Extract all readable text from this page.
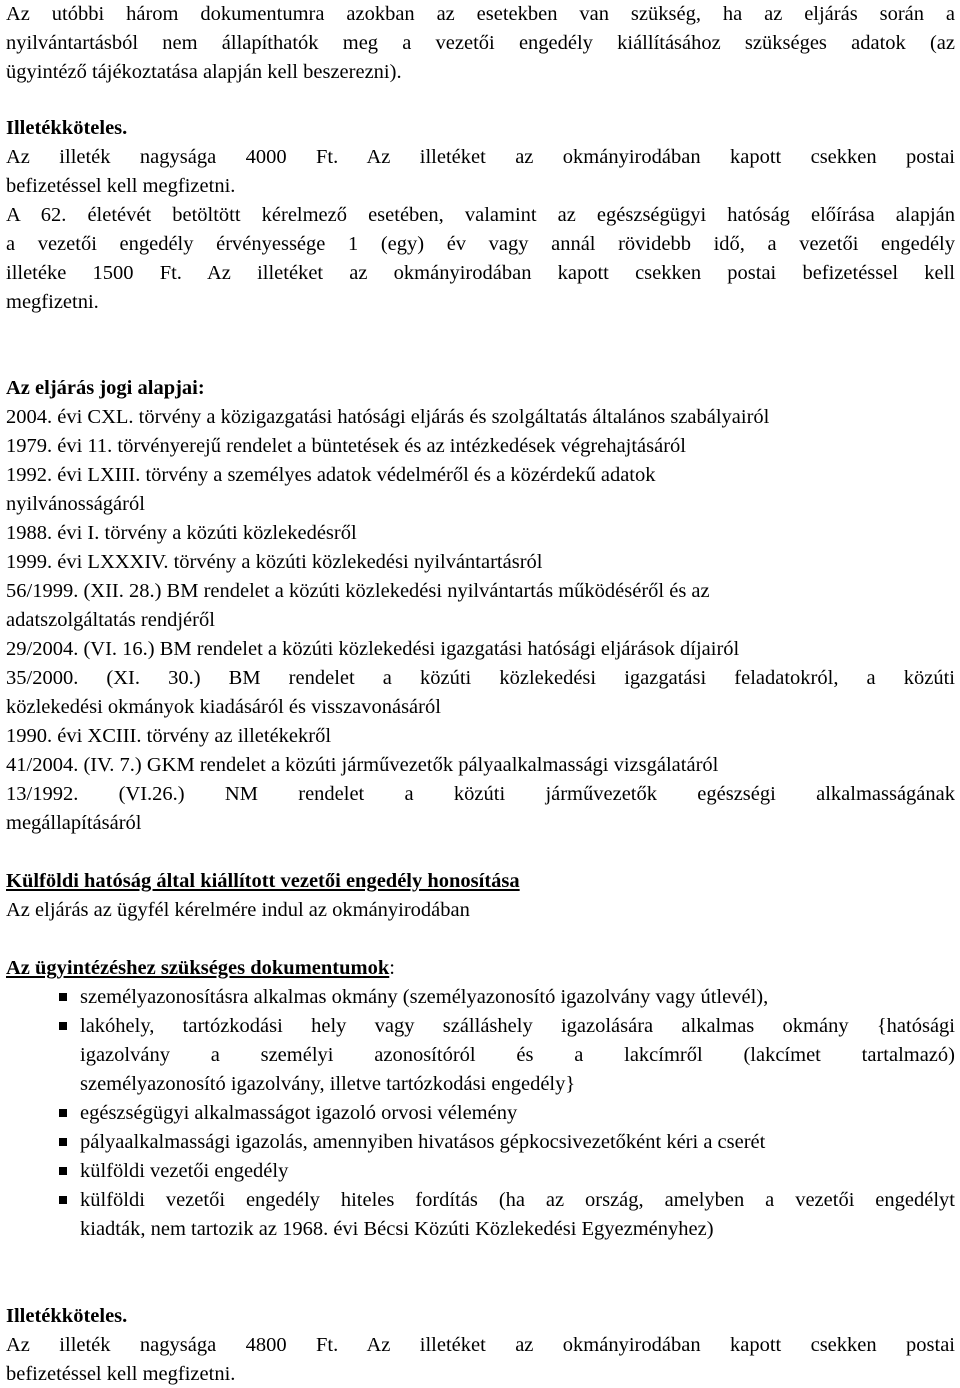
Az utóbbi három dokumentumra azokban az esetekben van szükség, ha az eljárás során a
nyilvántartásból nem állapíthatók meg a vezetői engedély kiállításához szükséges adatok (az
ügyintéző tájékoztatása alapján kell beszerezni).
Illetékköteles.
Az illeték nagysága 4000 Ft. Az illetéket az okmányirodában kapott csekken postai
befizetéssel kell megfizetni.
A 62. életévét betöltött kérelmező esetében, valamint az egészségügyi hatóság előírása alapján
a vezetői engedély érvényessége 1 (egy) év vagy annál rövidebb idő, a vezetői engedély
illetéke 1500 Ft. Az illetéket az okmányirodában kapott csekken postai befizetéssel kell
megfizetni.
Az eljárás jogi alapjai:
2004. évi CXL. törvény a közigazgatási hatósági eljárás és szolgáltatás általános szabályairól
1979. évi 11. törvényerejű rendelet a büntetések és az intézkedések végrehajtásáról
1992. évi LXIII. törvény a személyes adatok védelméről és a közérdekű adatok
nyilvánosságáról
1988. évi I. törvény a közúti közlekedésről
1999. évi LXXXIV. törvény a közúti közlekedési nyilvántartásról
56/1999. (XII. 28.) BM rendelet a közúti közlekedési nyilvántartás működéséről és az
adatszolgáltatás rendjéről
29/2004. (VI. 16.) BM rendelet a közúti közlekedési igazgatási hatósági eljárások díjairól
35/2000. (XI. 30.) BM rendelet a közúti közlekedési igazgatási feladatokról, a közúti
közlekedési okmányok kiadásáról és visszavonásáról
1990. évi XCIII. törvény az illetékekről
41/2004. (IV. 7.) GKM rendelet a közúti járművezetők pályaalkalmassági vizsgálatáról
13/1992. (VI.26.) NM rendelet a közúti járművezetők egészségi alkalmasságának
megállapításáról
Külföldi hatóság által kiállított vezetői engedély honosítása
Az eljárás az ügyfél kérelmére indul az okmányirodában
Az ügyintézéshez szükséges dokumentumok:
személyazonosításra alkalmas okmány (személyazonosító igazolvány vagy útlevél),
lakóhely, tartózkodási hely vagy szálláshely igazolására alkalmas okmány {hatósági
igazolvány a személyi azonosítóról és a lakcímről (lakcímet tartalmazó)
személyazonosító igazolvány, illetve tartózkodási engedély}
egészségügyi alkalmasságot igazoló orvosi vélemény
pályaalkalmassági igazolás, amennyiben hivatásos gépkocsivezetőként kéri a cserét
külföldi vezetői engedély
külföldi vezetői engedély hiteles fordítás (ha az ország, amelyben a vezetői engedélyt
kiadták, nem tartozik az 1968. évi Bécsi Közúti Közlekedési Egyezményhez)
Illetékköteles.
Az illeték nagysága 4800 Ft. Az illetéket az okmányirodában kapott csekken postai
befizetéssel kell megfizetni.
